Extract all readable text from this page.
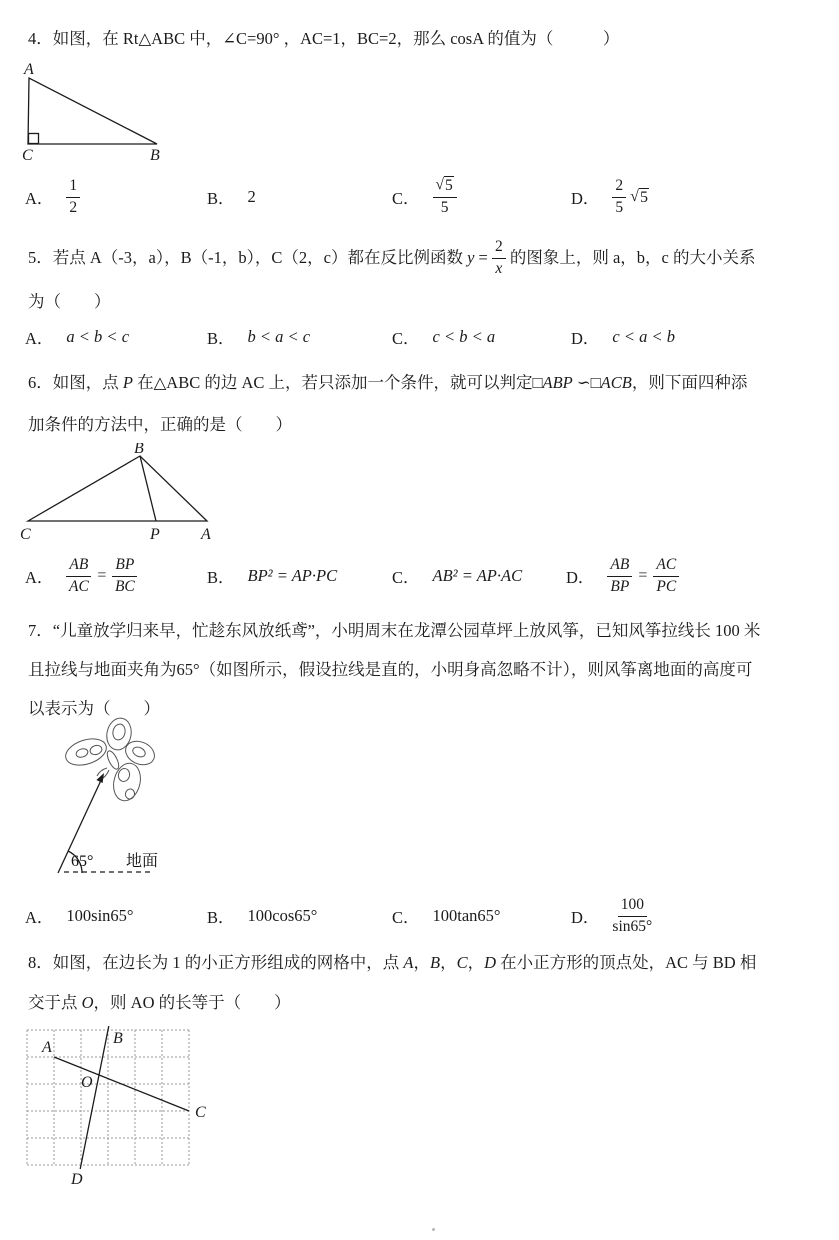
4．如图，在 Rt△ABC 中，∠C=90° ，AC=1，BC=2，那么 cosA 的值为（　　　）
A
C	B
A． $\frac{1}{2}$	B． 2	C． $\frac{√ 5}{5}$	D． $\frac{2}{5}$ √ 5
5．若点 A（-3，a），B（-1，b），C（2，c）都在反比例函数 $y = \frac{2}{x}$ 的图象上，则 a，b，c 的大小关系
为（　　）
A． a < b < c	B． b < a < c	C． c < b < a	D． c < a < b
6．如图，点 P 在△ABC 的边 AC 上，若只添加一个条件，就可以判定□ABP ∽□ACB，则下面四种添
加条件的方法中，正确的是（　　）
B
C	P	A
A． $\frac{AB}{AC} = \frac{BP}{BC}$	B． BP² = AP·PC	C． AB² = AP·AC	D． $\frac{AB}{BP} = \frac{AC}{PC}$
7．“儿童放学归来早，忙趁东风放纸鸢”，小明周末在龙潭公园草坪上放风筝，已知风筝拉线长 100 米
且拉线与地面夹角为65°（如图所示，假设拉线是直的，小明身高忽略不计），则风筝离地面的高度可
以表示为（　　）
65° 地面
A． 100sin65°	B． 100cos65°	C． 100tan65°	D． $\frac{100}{\sin 65^\circ}$
8．如图，在边长为 1 的小正方形组成的网格中，点 A，B，C，D 在小正方形的顶点处，AC 与 BD 相
交于点 O，则 AO 的长等于（　　）
A
B
O
C
D
